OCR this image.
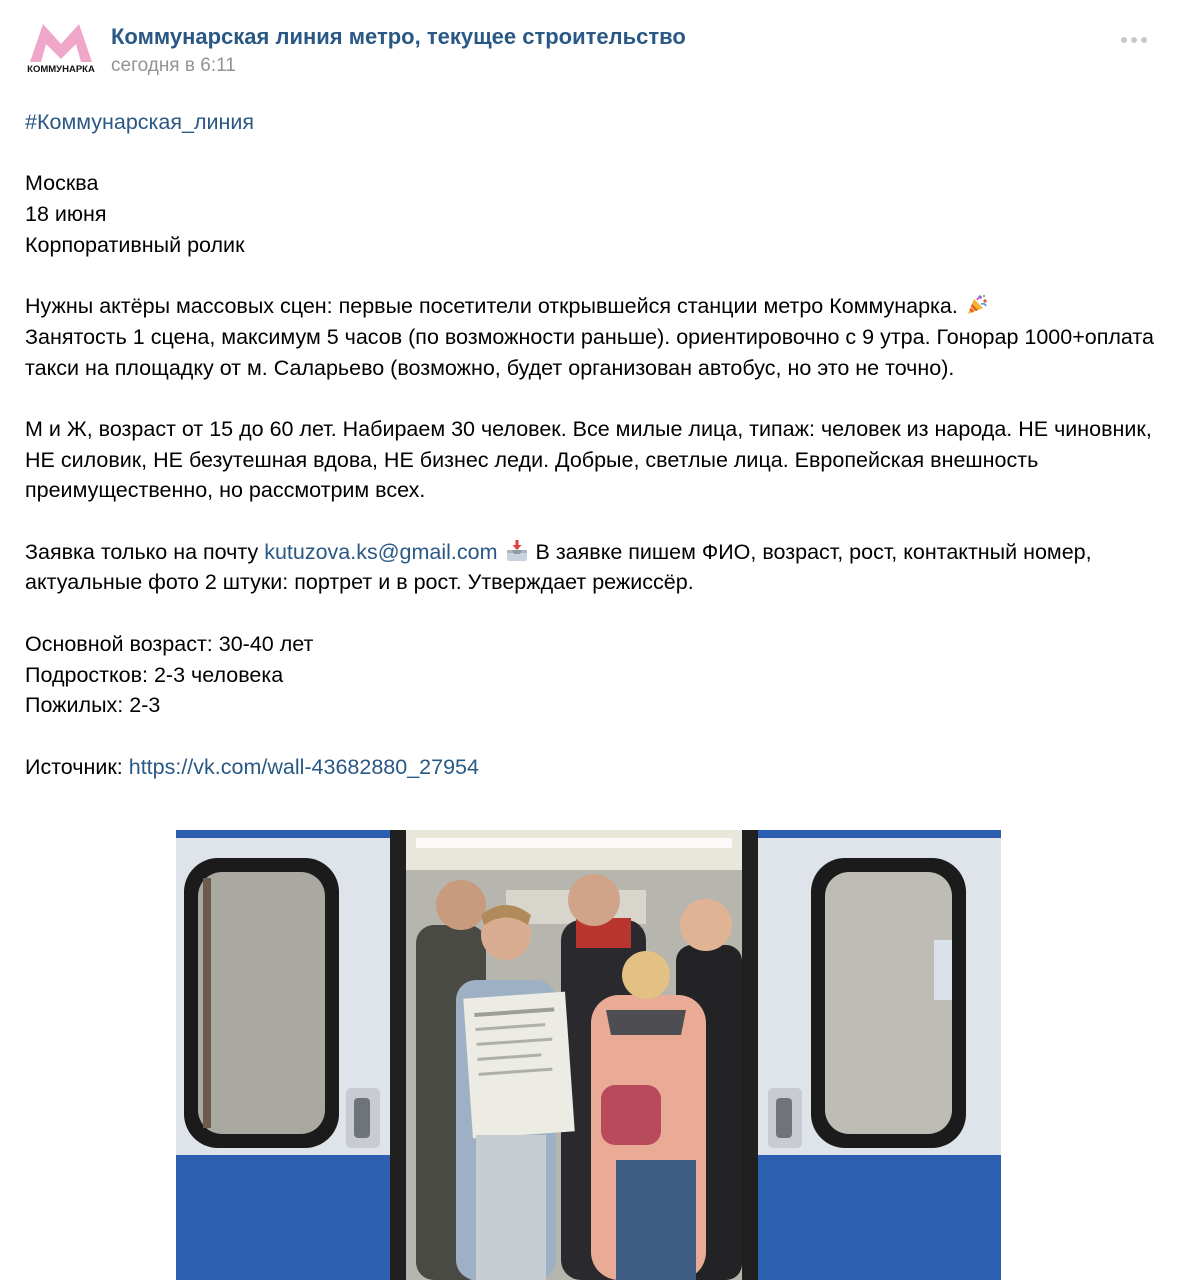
КОММУНАРКА
Коммунарская линия метро, текущее строительство
сегодня в 6:11

#Коммунарская_линия

Москва
18 июня
Корпоративный ролик

Нужны актёры массовых сцен: первые посетители открывшейся станции метро Коммунарка.

Занятость 1 сцена, максимум 5 часов (по возможности раньше). ориентировочно с 9 утра. Гонорар 1000+оплата такси на площадку от м. Саларьево (возможно, будет организован автобус, но это не точно).

М и Ж, возраст от 15 до 60 лет. Набираем 30 человек. Все милые лица, типаж: человек из народа. НЕ чиновник, НЕ силовик, НЕ безутешная вдова, НЕ бизнес леди. Добрые, светлые лица. Европейская внешность преимущественно, но рассмотрим всех.

Заявка только на почту kutuzova.ks@gmail.com В заявке пишем ФИО, возраст, рост, контактный номер, актуальные фото 2 штуки: портрет и в рост. Утверждает режиссёр.

Основной возраст: 30-40 лет
Подростков: 2-3 человека
Пожилых: 2-3

Источник: https://vk.com/wall-43682880_27954
